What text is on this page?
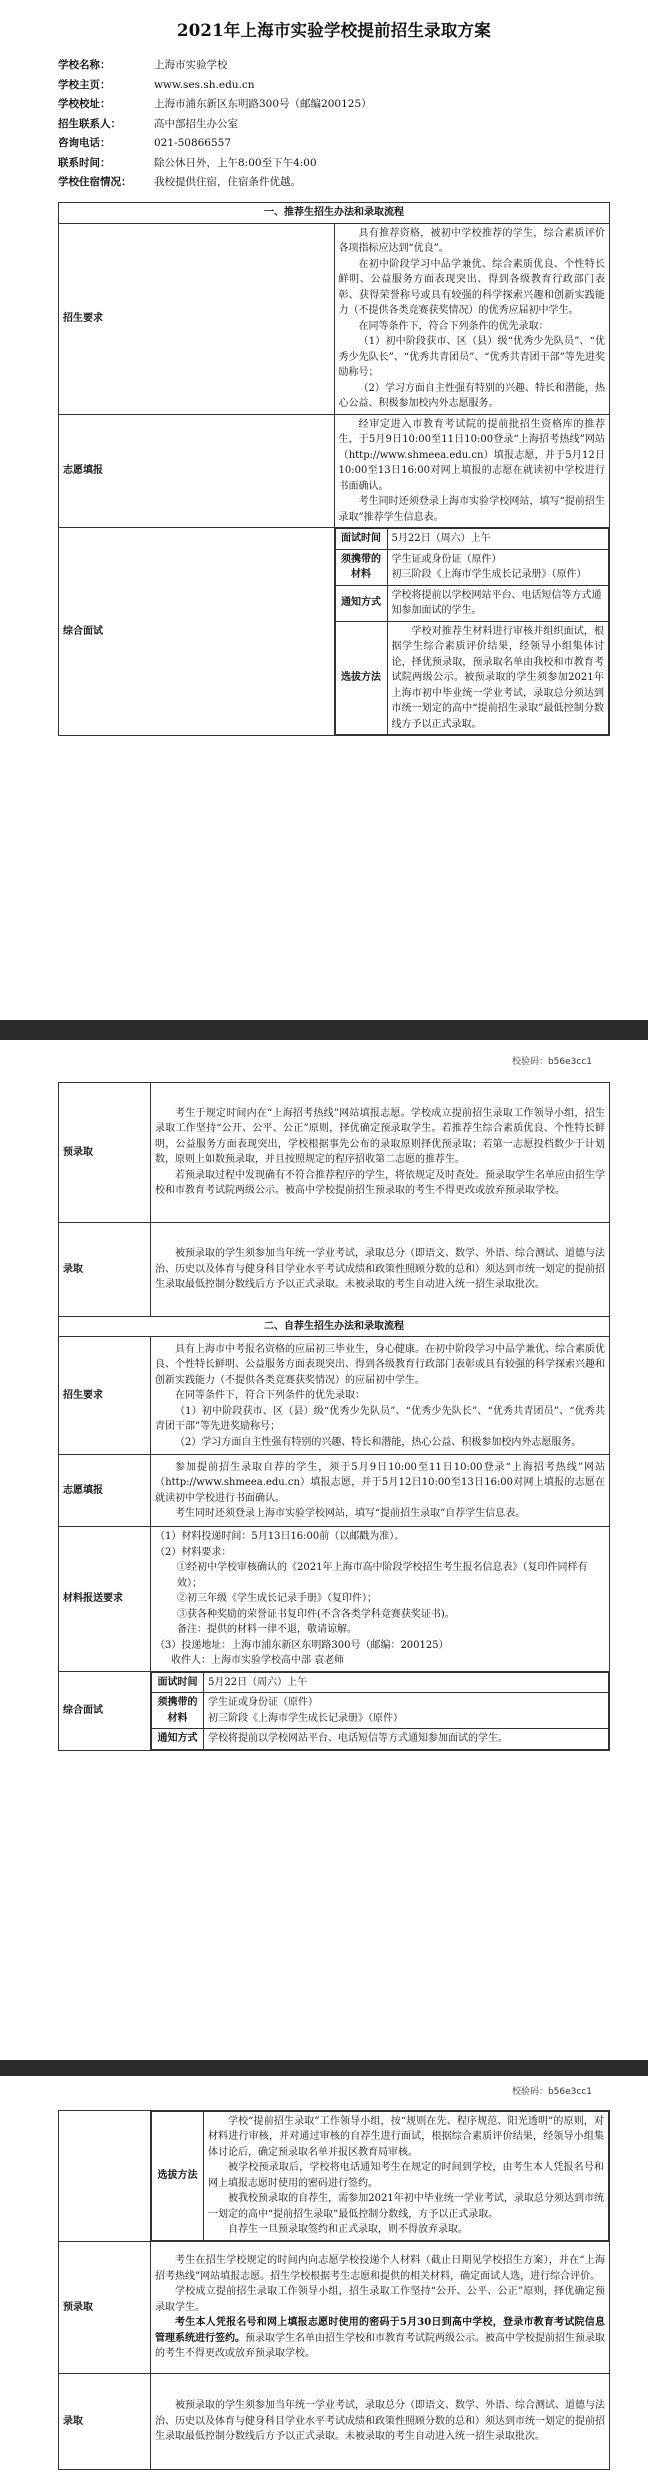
2021年上海市实验学校提前招生录取方案
学校名称：	上海市实验学校
学校主页：	www.ses.sh.edu.cn
学校校址：	上海市浦东新区东明路300号（邮编200125）
招生联系人：	高中部招生办公室
咨询电话：	021-50866557
联系时间：	除公休日外，上午8:00至下午4:00
学校住宿情况：	我校提供住宿，住宿条件优越。
一、推荐生招生办法和录取流程
招生要求	

具有推荐资格，被初中学校推荐的学生，综合素质评价各项指标应达到“优良”。

在初中阶段学习中品学兼优、综合素质优良、个性特长鲜明、公益服务方面表现突出、得到各级教育行政部门表彰、获得荣誉称号或具有较强的科学探索兴趣和创新实践能力（不提供各类竞赛获奖情况）的优秀应届初中学生。

在同等条件下，符合下列条件的优先录取：

（1）初中阶段获市、区（县）级“优秀少先队员”、“优秀少先队长”、“优秀共青团员”、“优秀共青团干部”等先进奖励称号；

（2）学习方面自主性强有特别的兴趣、特长和潜能，热心公益、积极参加校内外志愿服务。

志愿填报	

经审定进入市教育考试院的提前批招生资格库的推荐生，于5月9日10:00至11日10:00登录“上海招考热线”网站（http://www.shmeea.edu.cn）填报志愿，并于5月12日10:00至13日16:00对网上填报的志愿在就读初中学校进行书面确认。

考生同时还须登录上海市实验学校网站，填写“提前招生录取”推荐学生信息表。

综合面试	
面试时间	5月22日（周六）上午
须携带的材料	学生证或身份证（原件）
初三阶段《上海市学生成长记录册》（原件）
通知方式	学校将提前以学校网站平台、电话短信等方式通知参加面试的学生。
选拔方法	学校对推荐生材料进行审核并组织面试，根据学生综合素质评价结果，经领导小组集体讨论，择优预录取，预录取名单由我校和市教育考试院两级公示。被预录取的学生须参加2021年上海市初中毕业统一学业考试，录取总分须达到市统一划定的高中“提前招生录取”最低控制分数线方予以正式录取。
校验码：b56e3cc1
预录取	

考生于规定时间内在“上海招考热线”网站填报志愿。学校成立提前招生录取工作领导小组，招生录取工作坚持“公开、公平、公正”原则，择优确定预录取学生。若推荐生综合素质优良、个性特长鲜明，公益服务方面表现突出，学校根据事先公布的录取原则择优预录取；若第一志愿投档数少于计划数，原则上如数预录取，并且按照规定的程序招收第二志愿的推荐生。

若预录取过程中发现确有不符合推荐程序的学生，将依规定及时查处。预录取学生名单应由招生学校和市教育考试院两级公示。被高中学校提前招生预录取的考生不得更改或放弃预录取学校。

录取	

被预录取的学生须参加当年统一学业考试，录取总分（即语文、数学、外语、综合测试、道德与法治、历史以及体育与健身科目学业水平考试成绩和政策性照顾分数的总和）须达到市统一划定的提前招生录取最低控制分数线后方予以正式录取。未被录取的考生自动进入统一招生录取批次。

二、自荐生招生办法和录取流程
招生要求	

具有上海市中考报名资格的应届初三毕业生，身心健康。在初中阶段学习中品学兼优、综合素质优良、个性特长鲜明、公益服务方面表现突出、得到各级教育行政部门表彰或具有较强的科学探索兴趣和创新实践能力（不提供各类竞赛获奖情况）的应届初中学生。

在同等条件下，符合下列条件的优先录取：

（1）初中阶段获市、区（县）级“优秀少先队员”、“优秀少先队长”、“优秀共青团员”、“优秀共青团干部”等先进奖励称号；

（2）学习方面自主性强有特别的兴趣、特长和潜能，热心公益、积极参加校内外志愿服务。

志愿填报	

参加提前招生录取自荐的学生，须于5月9日10:00至11日10:00登录“上海招考热线”网站（http://www.shmeea.edu.cn）填报志愿，并于5月12日10:00至13日16:00对网上填报的志愿在就读初中学校进行书面确认。

考生同时还须登录上海市实验学校网站，填写“提前招生录取”自荐学生信息表。

材料报送要求	
（1）材料投递时间：5月13日16:00前（以邮戳为准）。
（2）材料要求：
①经初中学校审核确认的《2021年上海市高中阶段学校招生考生报名信息表》（复印件同样有效）；
②初三年级《学生成长记录手册》（复印件）；
③获各种奖励的荣誉证书复印件(不含各类学科竞赛获奖证书)。
备注：提供的材料一律不退，敬请谅解。
（3）投递地址：上海市浦东新区东明路300号（邮编：200125）
收件人：上海市实验学校高中部 袁老师

综合面试	
面试时间	5月22日（周六）上午
须携带的材料	学生证或身份证（原件）
初三阶段《上海市学生成长记录册》（原件）
通知方式	学校将提前以学校网站平台、电话短信等方式通知参加面试的学生。
校验码：b56e3cc1

选拔方法	

学校“提前招生录取”工作领导小组，按“规则在先、程序规范、阳光透明”的原则，对材料进行审核，并对通过审核的自荐生进行面试，根据综合素质评价结果，经领导小组集体讨论后，确定预录取名单并报区教育局审核。

被学校预录取后，学校将电话通知考生在规定的时间到学校，由考生本人凭报名号和网上填报志愿时使用的密码进行签约。

被我校预录取的自荐生，需参加2021年初中毕业统一学业考试，录取总分须达到市统一划定的高中“提前招生录取”最低控制分数线，方予以正式录取。

自荐生一旦预录取签约和正式录取，则不得放弃录取。

预录取	

考生在招生学校规定的时间内向志愿学校投递个人材料（截止日期见学校招生方案），并在“上海招考热线”网站填报志愿。招生学校根据考生志愿和提供的相关材料，确定面试人选，进行综合评价。

学校成立提前招生录取工作领导小组，招生录取工作坚持“公开、公平、公正”原则，择优确定预录取学生。

考生本人凭报名号和网上填报志愿时使用的密码于5月30日到高中学校，登录市教育考试院信息管理系统进行签约。预录取学生名单由招生学校和市教育考试院两级公示。被高中学校提前招生预录取的考生不得更改或放弃预录取学校。

录取	

被预录取的学生须参加当年统一学业考试，录取总分（即语文、数学、外语、综合测试、道德与法治、历史以及体育与健身科目学业水平考试成绩和政策性照顾分数的总和）须达到市统一划定的提前招生录取最低控制分数线后方予以正式录取。未被录取的考生自动进入统一招生录取批次。
